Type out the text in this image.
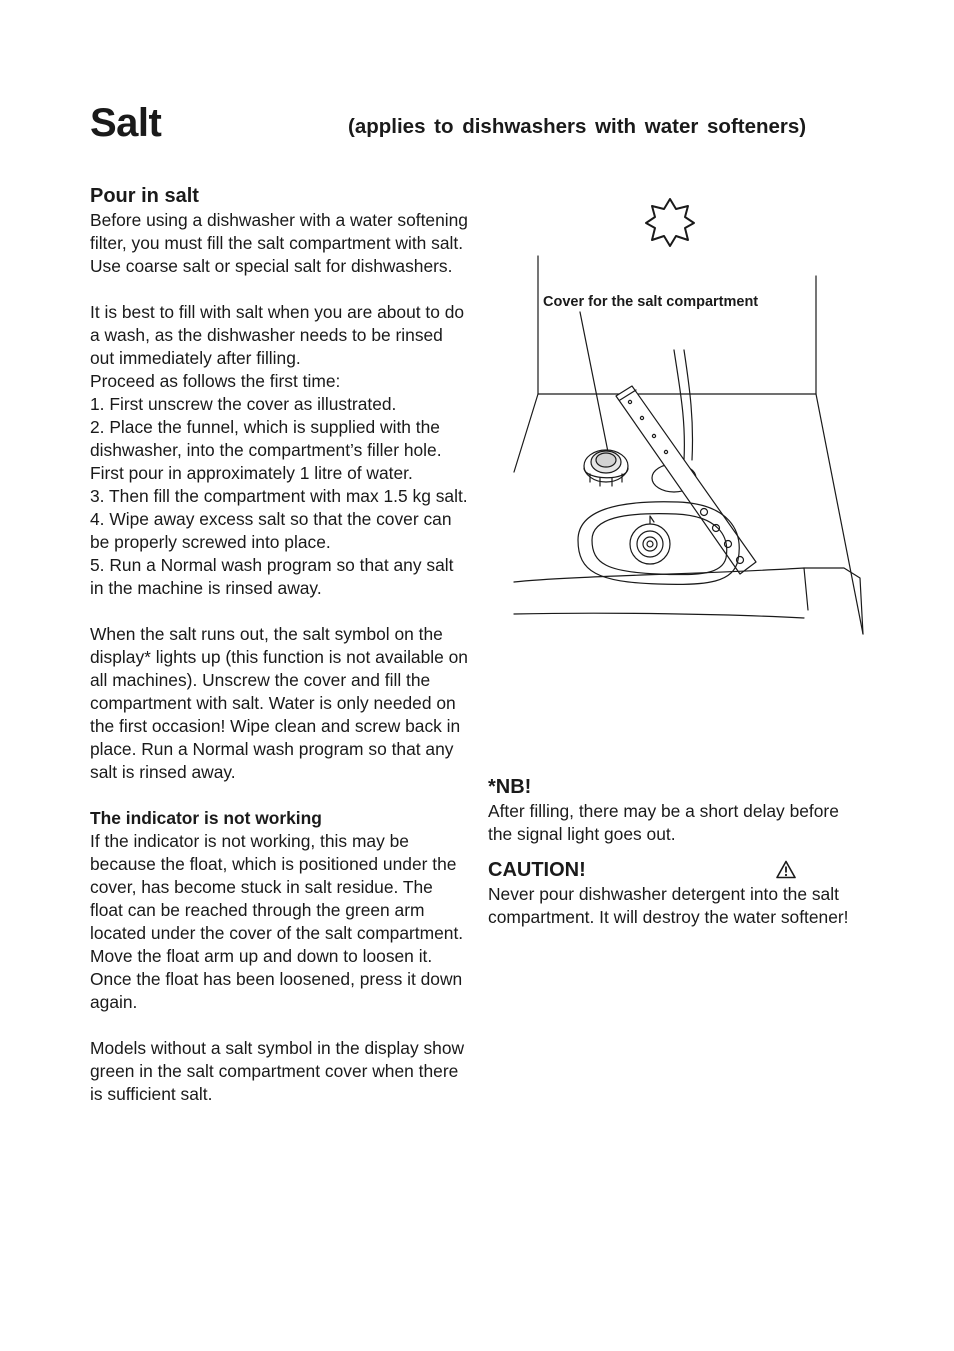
Salt	(applies to dishwashers with water softeners)
Pour in salt

Before using a dishwasher with a water softening filter, you must fill the salt compartment with salt. Use coarse salt or special salt for dishwashers.

It is best to fill with salt when you are about to do a wash, as the dishwasher needs to be rinsed out immediately after filling.

Proceed as follows the first time:

1. First unscrew the cover as illustrated.

2. Place the funnel, which is supplied with the dishwasher, into the compartment’s filler hole. First pour in approximately 1 litre of water.

3. Then fill the compartment with max 1.5 kg salt.

4. Wipe away excess salt so that the cover can be properly screwed into place.

5. Run a Normal wash program so that any salt in the machine is rinsed away.

When the salt runs out, the salt symbol on the display* lights up (this function is not available on all machines). Unscrew the cover and fill the compartment with salt. Water is only needed on the first occasion! Wipe clean and screw back in place. Run a Normal wash program so that any salt is rinsed away.

The indicator is not working

If the indicator is not working, this may be because the float, which is positioned under the cover, has become stuck in salt residue. The float can be reached through the green arm located under the cover of the salt compartment. Move the float arm up and down to loosen it. Once the float has been loosened, press it down again.

Models without a salt symbol in the display show green in the salt compartment cover when there is sufficient salt.

Cover for the salt compartment
*NB!

After filling, there may be a short delay before the signal light goes out.

CAUTION!

Never pour dishwasher detergent into the salt compartment. It will destroy the water softener!
